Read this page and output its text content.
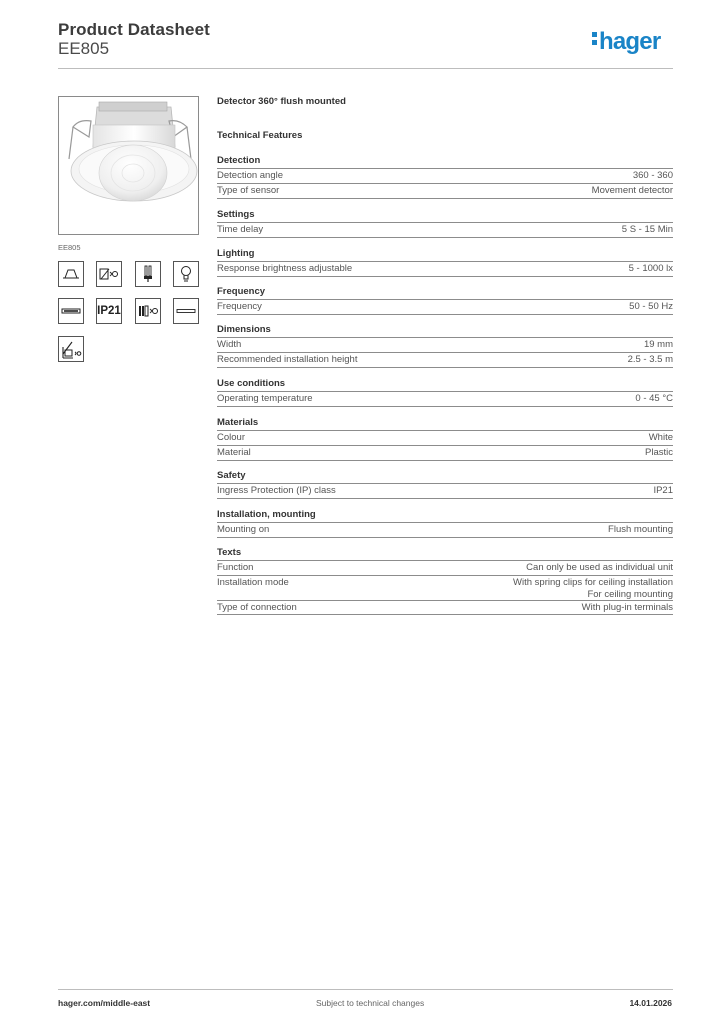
Product Datasheet
EE805	hager
EE805
IP21
Detector 360° flush mounted
Technical Features
Detection
Detection angle	360 - 360
Type of sensor	Movement detector
Settings
Time delay	5 S - 15 Min
Lighting
Response brightness adjustable	5 - 1000 lx
Frequency
Frequency	50 - 50 Hz
Dimensions
Width	19 mm
Recommended installation height	2.5 - 3.5 m
Use conditions
Operating temperature	0 - 45 °C
Materials
Colour	White
Material	Plastic
Safety
Ingress Protection (IP) class	IP21
Installation, mounting
Mounting on	Flush mounting
Texts
Function	Can only be used as individual unit
Installation mode	With spring clips for ceiling installation
For ceiling mounting
Type of connection	With plug-in terminals
hager.com/middle-east	Subject to technical changes	14.01.2026
